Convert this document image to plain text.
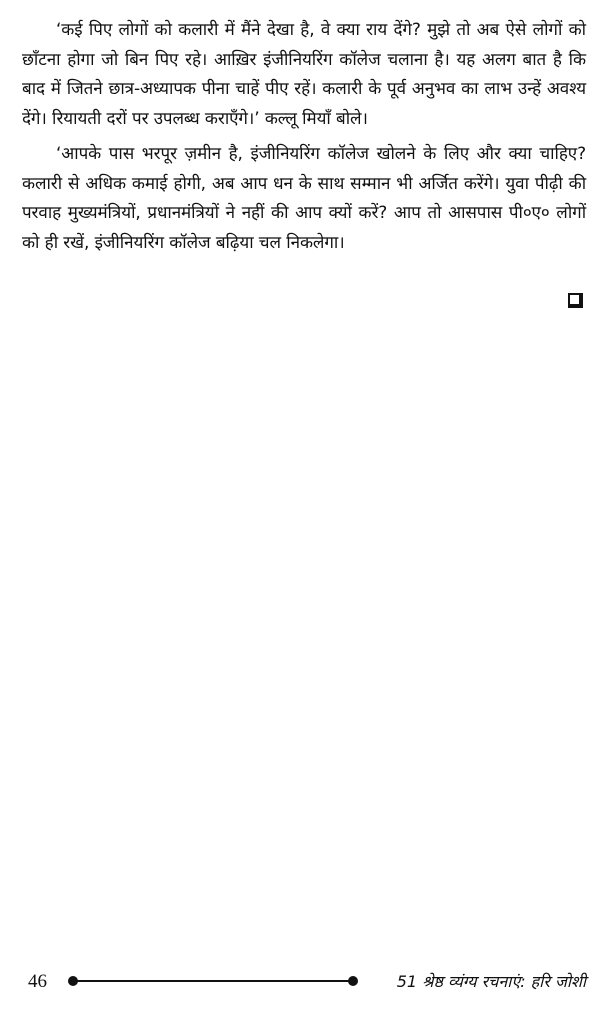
‘कई पिए लोगों को कलारी में मैंने देखा है, वे क्या राय देंगे? मुझे तो अब ऐसे लोगों को छाँटना होगा जो बिन पिए रहे। आख़िर इंजीनियरिंग कॉलेज चलाना है। यह अलग बात है कि बाद में जितने छात्र-अध्यापक पीना चाहें पीए रहें। कलारी के पूर्व अनुभव का लाभ उन्हें अवश्य देंगे। रियायती दरों पर उपलब्ध कराएँगे।’ कल्लू मियाँ बोले।

‘आपके पास भरपूर ज़मीन है, इंजीनियरिंग कॉलेज खोलने के लिए और क्या चाहिए? कलारी से अधिक कमाई होगी, अब आप धन के साथ सम्मान भी अर्जित करेंगे। युवा पीढ़ी की परवाह मुख्यमंत्रियों, प्रधानमंत्रियों ने नहीं की आप क्यों करें? आप तो आसपास पी०ए० लोगों को ही रखें, इंजीनियरिंग कॉलेज बढ़िया चल निकलेगा।

46	51 श्रेष्ठ व्यंग्य रचनाएं: हरि जोशी
